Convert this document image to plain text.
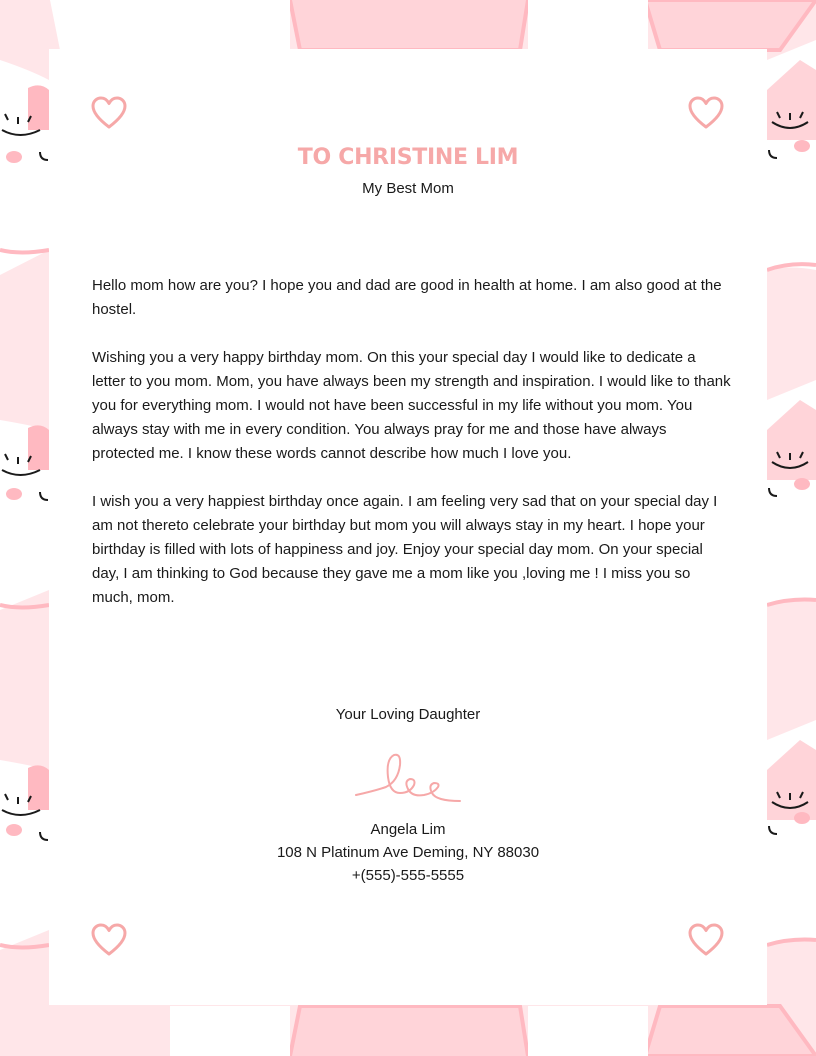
TO CHRISTINE LIM
My Best Mom

Hello mom how are you? I hope you and dad are good in health at home. I am also good at the hostel.

Wishing you a very happy birthday mom. On this your special day I would like to dedicate a letter to you mom. Mom, you have always been my strength and inspiration. I would like to thank you for everything mom. I would not have been successful in my life without you mom. You always stay with me in every condition. You always pray for me and those have always protected me. I know these words cannot describe how much I love you.

I wish you a very happiest birthday once again. I am feeling very sad that on your special day I am not thereto celebrate your birthday but mom you will always stay in my heart. I hope your birthday is filled with lots of happiness and joy. Enjoy your special day mom. On your special day, I am thinking to God because they gave me a mom like you ,loving me ! I miss you so much, mom.

Your Loving Daughter
Angela Lim
108 N Platinum Ave Deming, NY 88030
+(555)-555-5555
